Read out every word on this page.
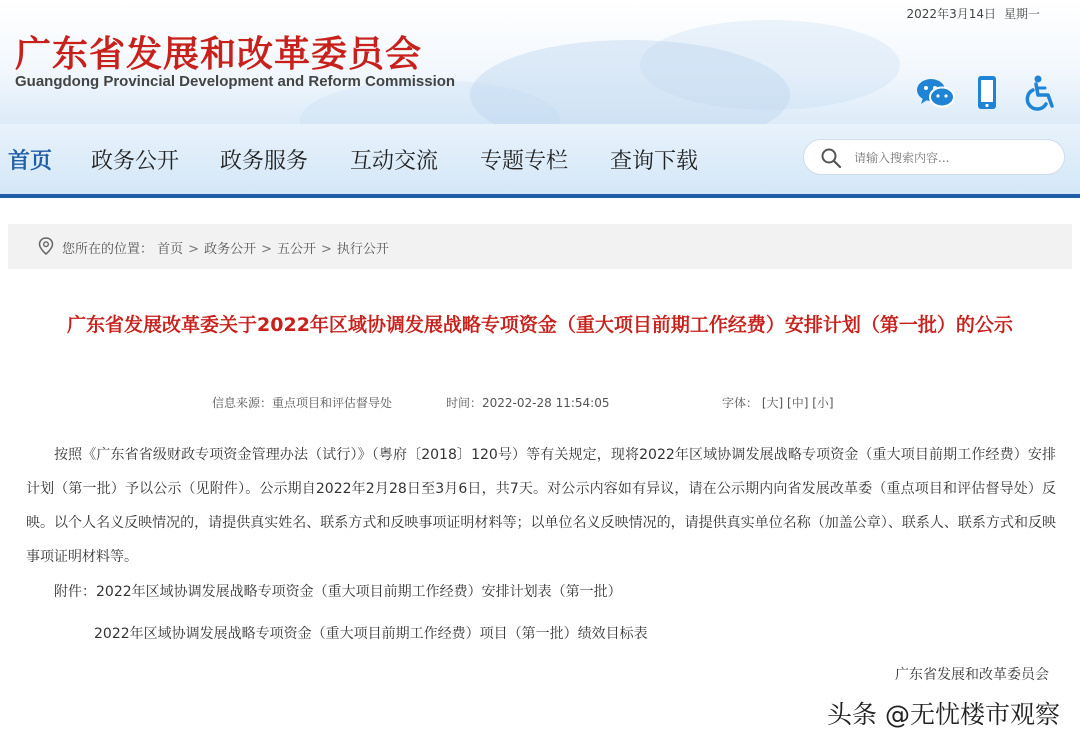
2022年3月14日 星期一
广东省发展和改革委员会
Guangdong Provincial Development and Reform Commission
首页 政务公开 政务服务 互动交流 专题专栏 查询下载
请输入搜索内容...
您所在的位置： 首页 > 政务公开 > 五公开 > 执行公开
广东省发展改革委关于2022年区域协调发展战略专项资金（重大项目前期工作经费）安排计划（第一批）的公示
信息来源：重点项目和评估督导处	时间：2022-02-28 11:54:05	字体： [大] [中] [小]

按照《广东省省级财政专项资金管理办法（试行）》（粤府〔2018〕120号）等有关规定，现将2022年区域协调发展战略专项资金（重大项目前期工作经费）安排计划（第一批）予以公示（见附件）。公示期自2022年2月28日至3月6日，共7天。对公示内容如有异议，请在公示期内向省发展改革委（重点项目和评估督导处）反映。以个人名义反映情况的，请提供真实姓名、联系方式和反映事项证明材料等；以单位名义反映情况的，请提供真实单位名称（加盖公章）、联系人、联系方式和反映事项证明材料等。

附件：2022年区域协调发展战略专项资金（重大项目前期工作经费）安排计划表（第一批）
2022年区域协调发展战略专项资金（重大项目前期工作经费）项目（第一批）绩效目标表
广东省发展和改革委员会
头条 @无忧楼市观察
